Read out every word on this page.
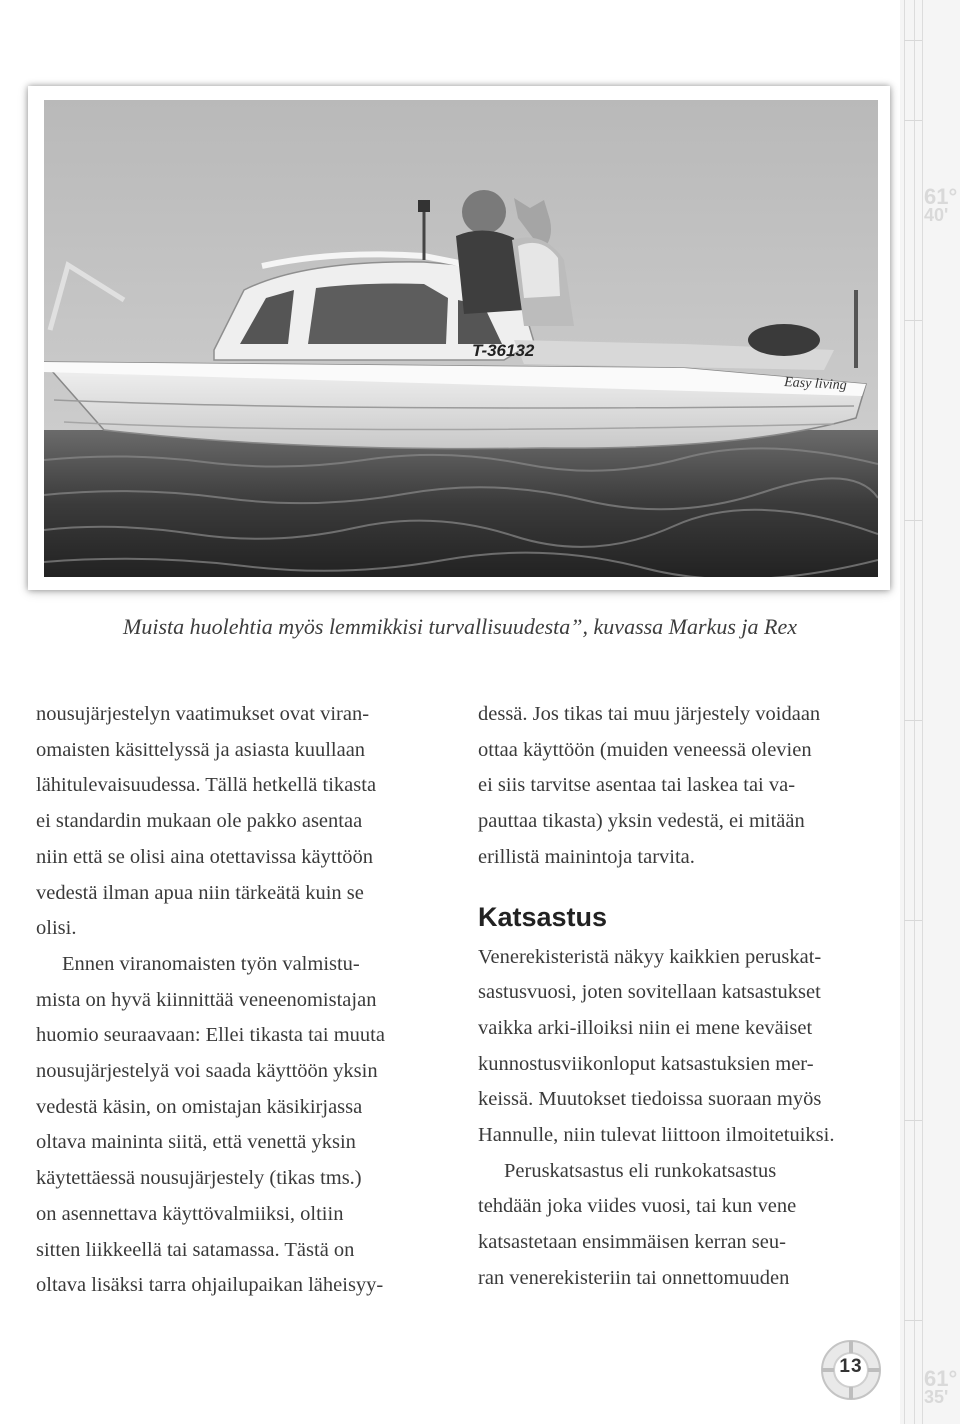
61°
40'
61°
35'
T-36132
Easy living
Muista huolehtia myös lemmikkisi turvallisuudesta”, kuvassa Markus ja Rex

nousujärjestelyn vaatimukset ovat viran-
omaisten käsittelyssä ja asiasta kuullaan
lähitulevaisuudessa. Tällä hetkellä tikasta
ei standardin mukaan ole pakko asentaa
niin että se olisi aina otettavissa käyttöön
vedestä ilman apua niin tärkeätä kuin se
olisi.

Ennen viranomaisten työn valmistu-
mista on hyvä kiinnittää veneenomistajan
huomio seuraavaan: Ellei tikasta tai muuta
nousujärjestelyä voi saada käyttöön yksin
vedestä käsin, on omistajan käsikirjassa
oltava maininta siitä, että venettä yksin
käytettäessä nousujärjestely (tikas tms.)
on asennettava käyttövalmiiksi, oltiin
sitten liikkeellä tai satamassa. Tästä on
oltava lisäksi tarra ohjailupaikan läheisyy-

dessä. Jos tikas tai muu järjestely voidaan
ottaa käyttöön (muiden veneessä olevien
ei siis tarvitse asentaa tai laskea tai va-
pauttaa tikasta) yksin vedestä, ei mitään
erillistä mainintoja tarvita.

Katsastus

Venerekisteristä näkyy kaikkien peruskat-
sastusvuosi, joten sovitellaan katsastukset
vaikka arki-illoiksi niin ei mene keväiset
kunnostusviikonloput katsastuksien mer-
keissä. Muutokset tiedoissa suoraan myös
Hannulle, niin tulevat liittoon ilmoitetuiksi.

Peruskatsastus eli runkokatsastus
tehdään joka viides vuosi, tai kun vene
katsastetaan ensimmäisen kerran seu-
ran venerekisteriin tai onnettomuuden

13
